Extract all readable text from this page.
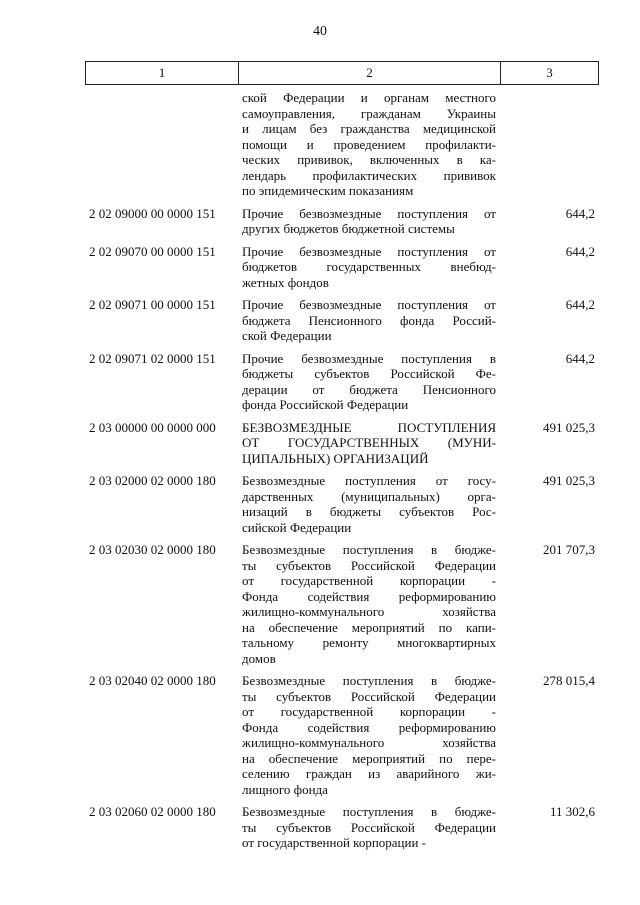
40
1	2	3
ской Федерации и органам местного
самоуправления, гражданам Украины
и лицам без гражданства медицинской
помощи и проведением профилакти-
ческих прививок, включенных в ка-
лендарь профилактических прививок
по эпидемическим показаниям
2 02 09000 00 0000 151	Прочие безвозмездные поступления от
других бюджетов бюджетной системы
644,2
2 02 09070 00 0000 151	Прочие безвозмездные поступления от
бюджетов государственных внебюд-
жетных фондов
644,2
2 02 09071 00 0000 151	Прочие безвозмездные поступления от
бюджета Пенсионного фонда Россий-
ской Федерации
644,2
2 02 09071 02 0000 151	Прочие безвозмездные поступления в
бюджеты субъектов Российской Фе-
дерации от бюджета Пенсионного
фонда Российской Федерации
644,2
2 03 00000 00 0000 000	БЕЗВОЗМЕЗДНЫЕ ПОСТУПЛЕНИЯ
ОТ ГОСУДАРСТВЕННЫХ (МУНИ-
ЦИПАЛЬНЫХ) ОРГАНИЗАЦИЙ
491 025,3
2 03 02000 02 0000 180	Безвозмездные поступления от госу-
дарственных (муниципальных) орга-
низаций в бюджеты субъектов Рос-
сийской Федерации
491 025,3
2 03 02030 02 0000 180	Безвозмездные поступления в бюдже-
ты субъектов Российской Федерации
от государственной корпорации -
Фонда содействия реформированию
жилищно-коммунального хозяйства
на обеспечение мероприятий по капи-
тальному ремонту многоквартирных
домов
201 707,3
2 03 02040 02 0000 180	Безвозмездные поступления в бюдже-
ты субъектов Российской Федерации
от государственной корпорации -
Фонда содействия реформированию
жилищно-коммунального хозяйства
на обеспечение мероприятий по пере-
селению граждан из аварийного жи-
лищного фонда
278 015,4
2 03 02060 02 0000 180	Безвозмездные поступления в бюдже-
ты субъектов Российской Федерации
от государственной корпорации -
11 302,6
